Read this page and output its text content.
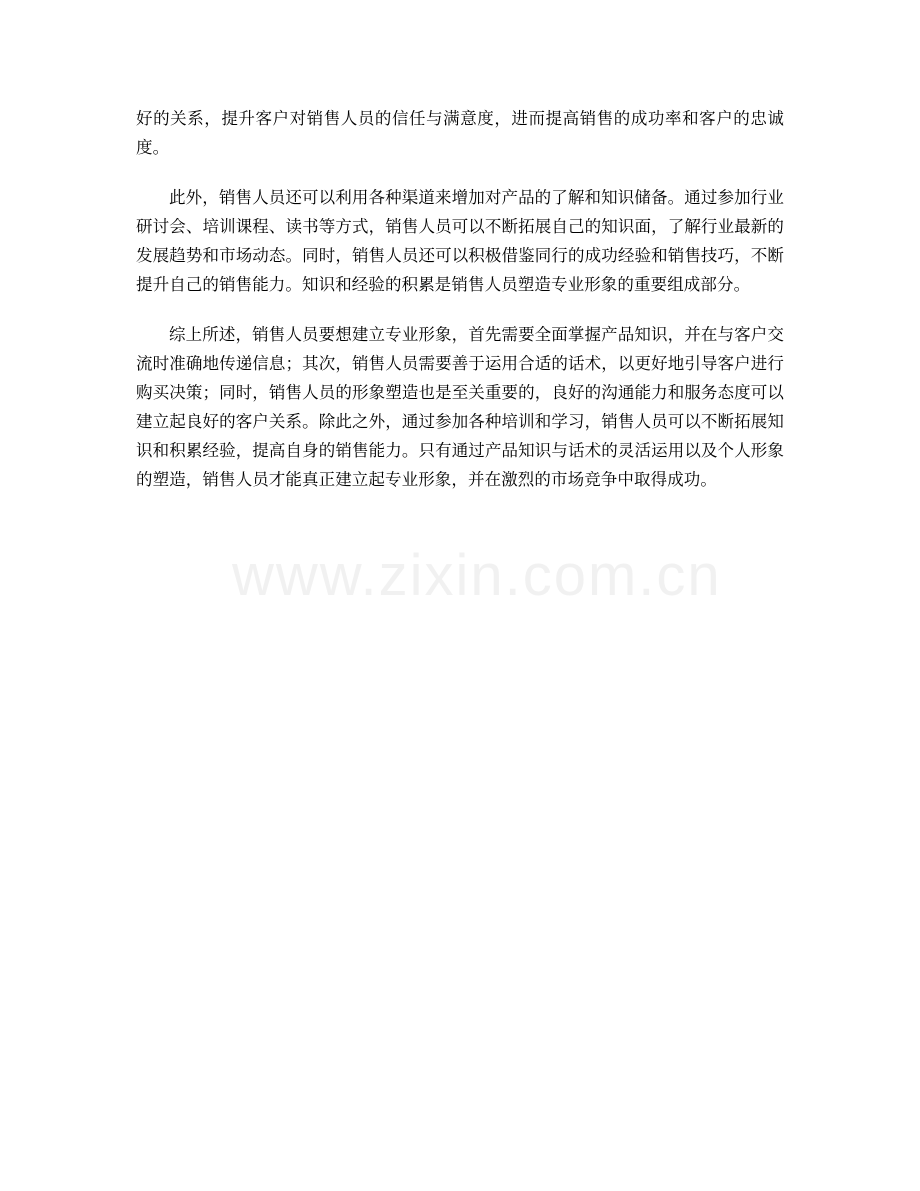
好的关系，提升客户对销售人员的信任与满意度，进而提高销售的成功率和客户的忠诚度。

此外，销售人员还可以利用各种渠道来增加对产品的了解和知识储备。通过参加行业研讨会、培训课程、读书等方式，销售人员可以不断拓展自己的知识面，了解行业最新的发展趋势和市场动态。同时，销售人员还可以积极借鉴同行的成功经验和销售技巧，不断提升自己的销售能力。知识和经验的积累是销售人员塑造专业形象的重要组成部分。

综上所述，销售人员要想建立专业形象，首先需要全面掌握产品知识，并在与客户交流时准确地传递信息；其次，销售人员需要善于运用合适的话术，以更好地引导客户进行购买决策；同时，销售人员的形象塑造也是至关重要的，良好的沟通能力和服务态度可以建立起良好的客户关系。除此之外，通过参加各种培训和学习，销售人员可以不断拓展知识和积累经验，提高自身的销售能力。只有通过产品知识与话术的灵活运用以及个人形象的塑造，销售人员才能真正建立起专业形象，并在激烈的市场竞争中取得成功。

www.zixin.com.cn
